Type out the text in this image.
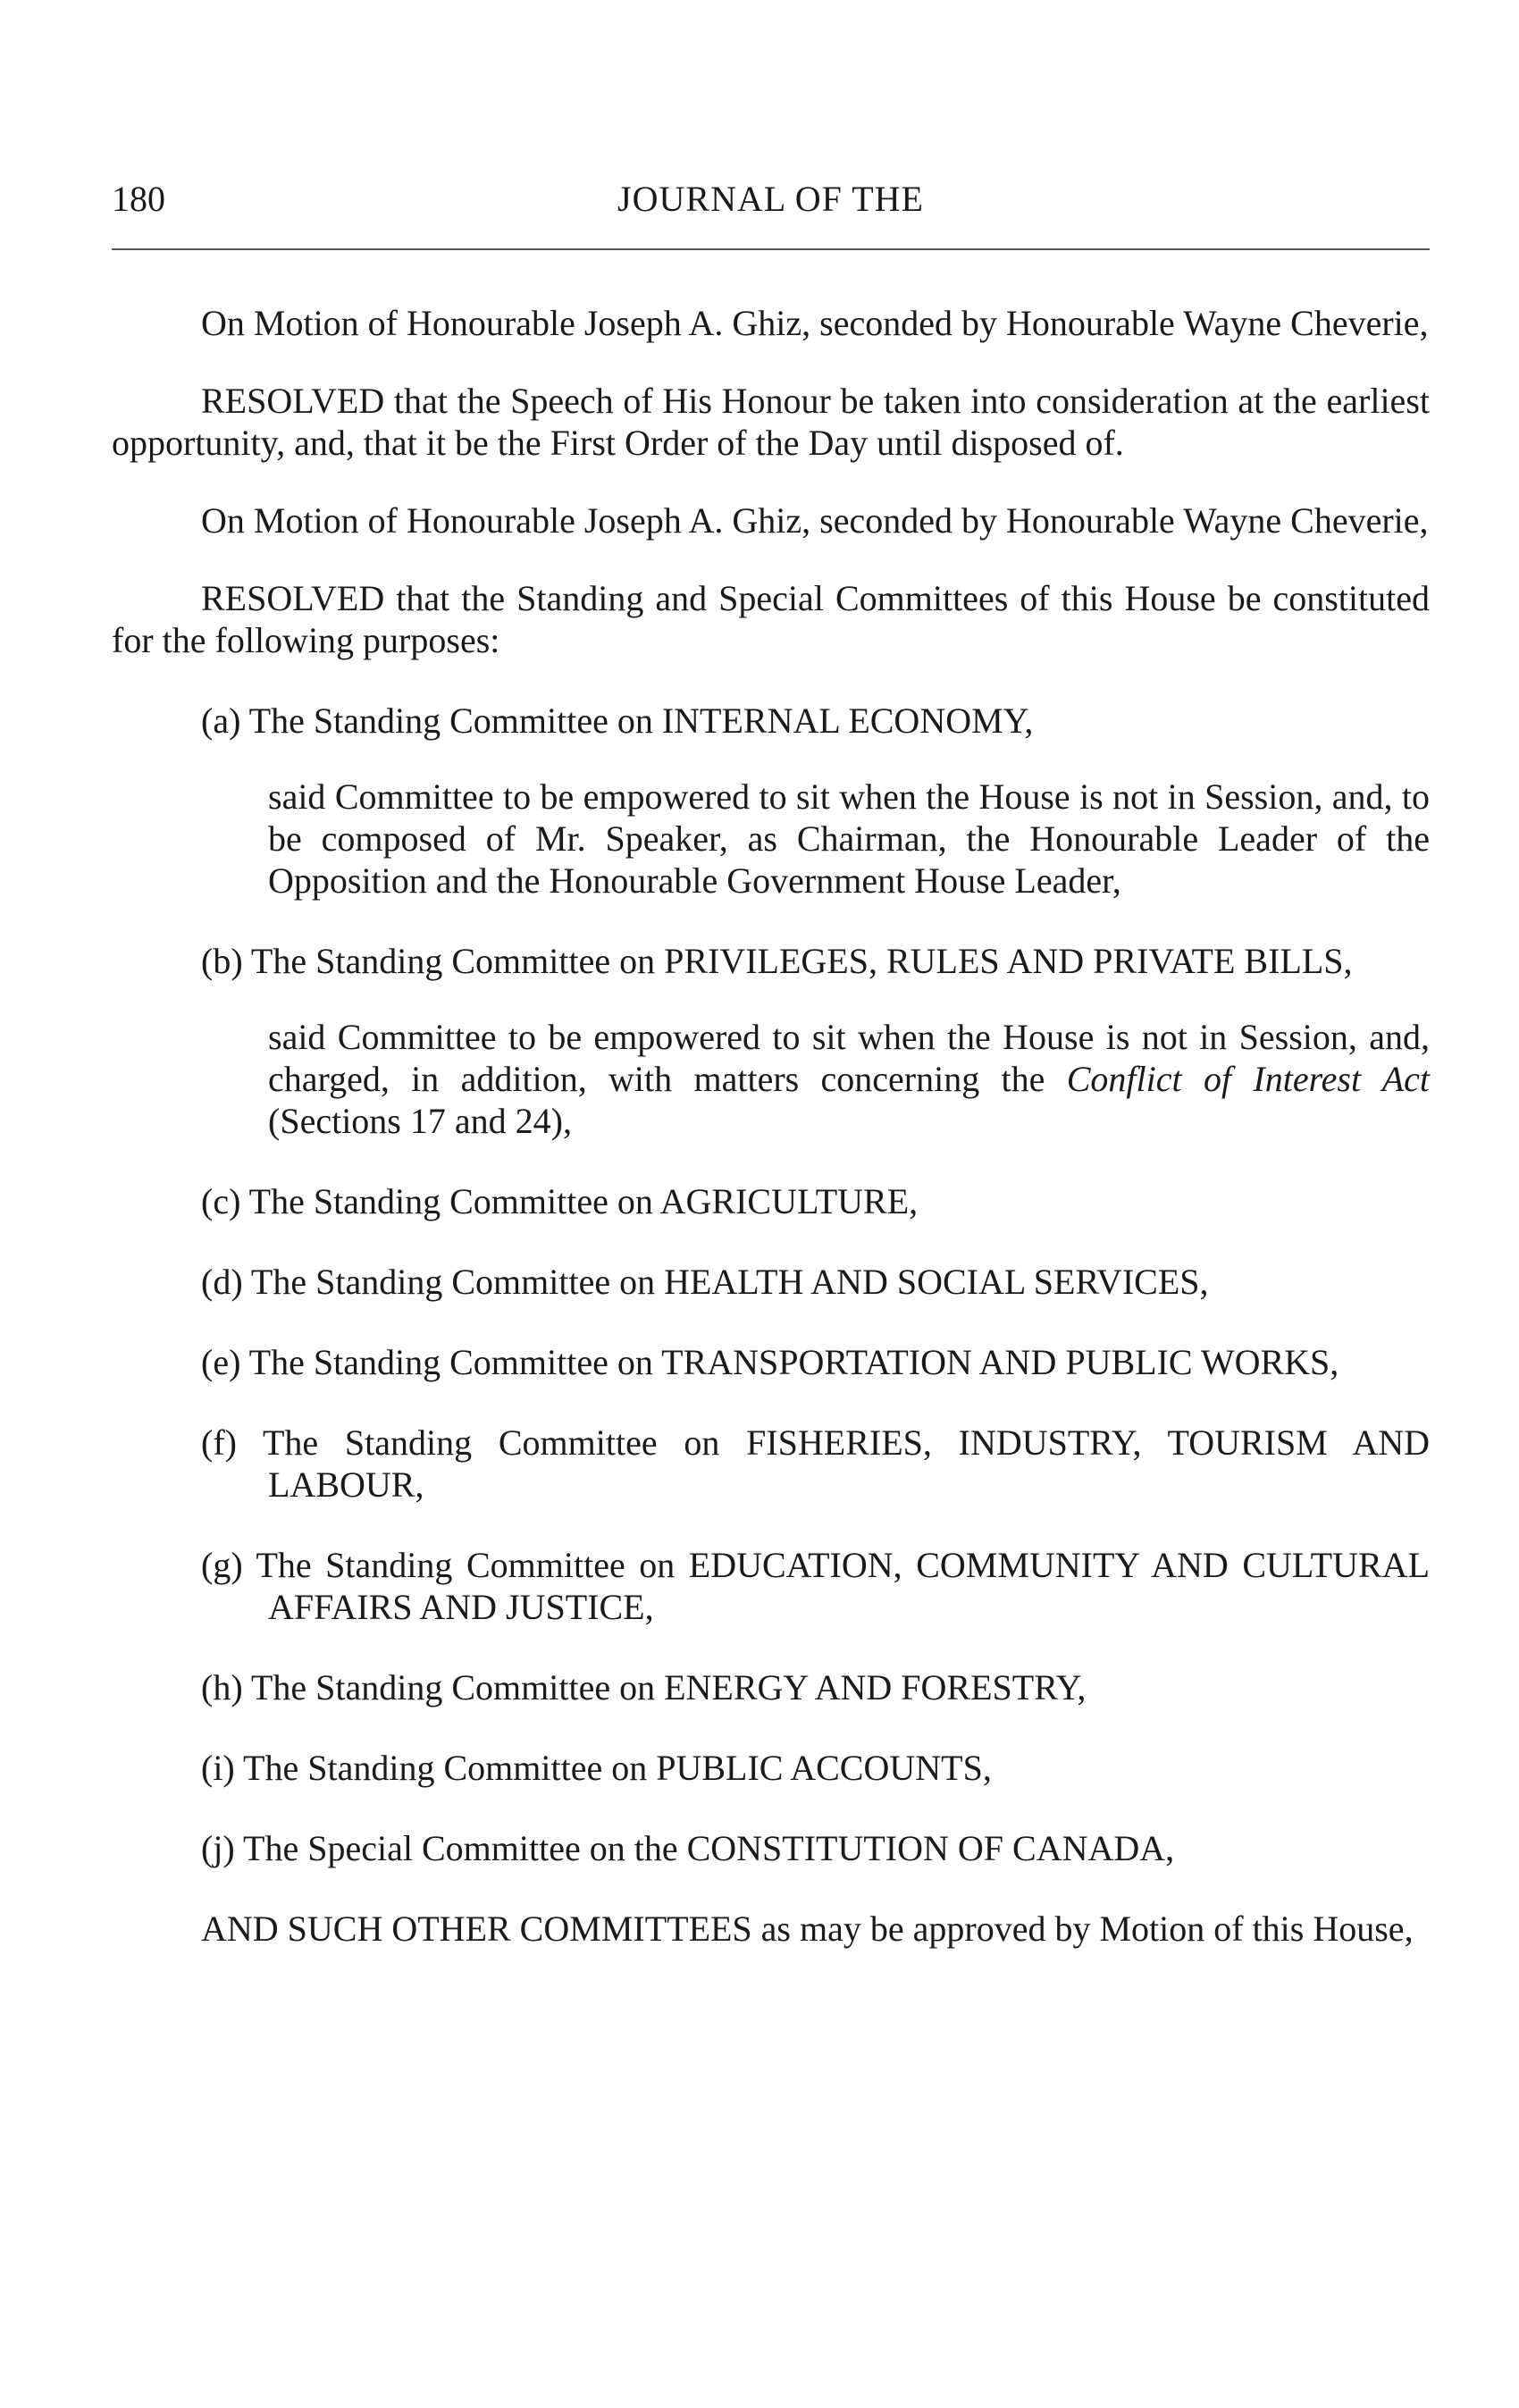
180	JOURNAL OF THE

On Motion of Honourable Joseph A. Ghiz, seconded by Honourable Wayne Cheverie,

RESOLVED that the Speech of His Honour be taken into consideration at the earliest opportunity, and, that it be the First Order of the Day until disposed of.

On Motion of Honourable Joseph A. Ghiz, seconded by Honourable Wayne Cheverie,

RESOLVED that the Standing and Special Committees of this House be constituted for the following purposes:

(a) The Standing Committee on INTERNAL ECONOMY,

said Committee to be empowered to sit when the House is not in Session, and, to be composed of Mr. Speaker, as Chairman, the Honourable Leader of the Opposition and the Honourable Government House Leader,

(b) The Standing Committee on PRIVILEGES, RULES AND PRIVATE BILLS,

said Committee to be empowered to sit when the House is not in Session, and, charged, in addition, with matters concerning the Conflict of Interest Act (Sections 17 and 24),

(c) The Standing Committee on AGRICULTURE,

(d) The Standing Committee on HEALTH AND SOCIAL SERVICES,

(e) The Standing Committee on TRANSPORTATION AND PUBLIC WORKS,

(f) The Standing Committee on FISHERIES, INDUSTRY, TOURISM AND LABOUR,

(g) The Standing Committee on EDUCATION, COMMUNITY AND CULTURAL AFFAIRS AND JUSTICE,

(h) The Standing Committee on ENERGY AND FORESTRY,

(i) The Standing Committee on PUBLIC ACCOUNTS,

(j) The Special Committee on the CONSTITUTION OF CANADA,

AND SUCH OTHER COMMITTEES as may be approved by Motion of this House,
